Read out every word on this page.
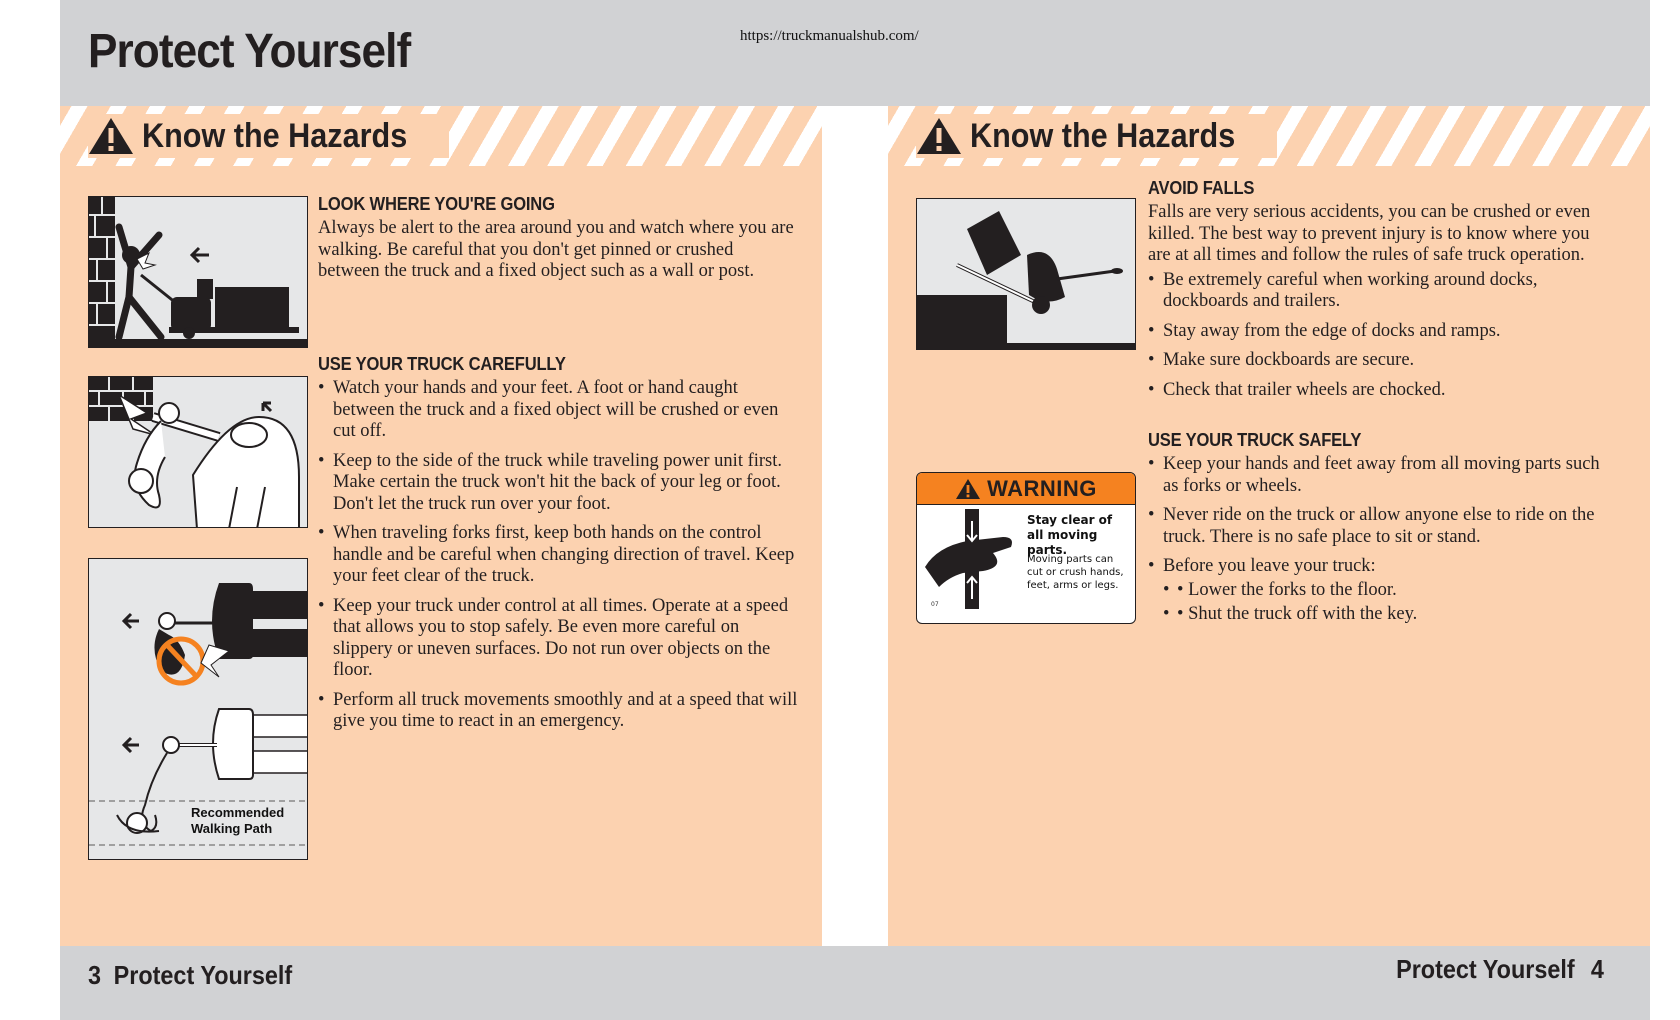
Protect Yourself	https://truckmanualshub.com/
Know the Hazards
LOOK WHERE YOU'RE GOING

Always be alert to the area around you and watch where you are walking. Be careful that you don't get pinned or crushed between the truck and a fixed object such as a wall or post.

USE YOUR TRUCK CAREFULLY
• Watch your hands and your feet. A foot or hand caught between the truck and a fixed object will be crushed or even cut off.
• Keep to the side of the truck while traveling power unit first. Make certain the truck won't hit the back of your leg or foot. Don't let the truck run over your foot.
• When traveling forks first, keep both hands on the control handle and be careful when changing direction of travel. Keep your feet clear of the truck.
• Keep your truck under control at all times. Operate at a speed that allows you to stop safely. Be even more careful on slippery or uneven surfaces. Do not run over objects on the floor.
• Perform all truck movements smoothly and at a speed that will give you time to react in an emergency.
Recommended Walking Path
Know the Hazards
AVOID FALLS

Falls are very serious accidents, you can be crushed or even killed. The best way to prevent injury is to know where you are at all times and follow the rules of safe truck operation.

• Be extremely careful when working around docks, dockboards and trailers.
• Stay away from the edge of docks and ramps.
• Make sure dockboards are secure.
• Check that trailer wheels are chocked.
WARNING
Stay clear of all moving parts.
Moving parts can cut or crush hands, feet, arms or legs.
07
USE YOUR TRUCK SAFELY
• Keep your hands and feet away from all moving parts such as forks or wheels.
• Never ride on the truck or allow anyone else to ride on the truck. There is no safe place to sit or stand.
• Before you leave your truck:
• • Lower the forks to the floor.
• • Shut the truck off with the key.
3 Protect Yourself	Protect Yourself 4
